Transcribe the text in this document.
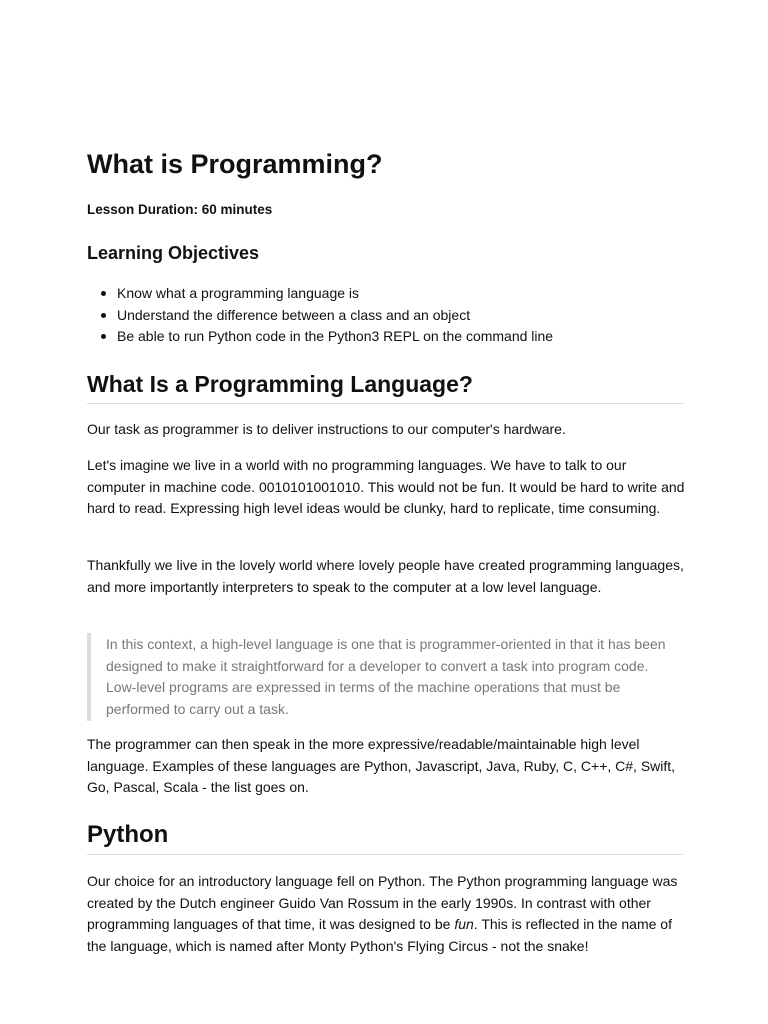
What is Programming?

Lesson Duration: 60 minutes

Learning Objectives
Know what a programming language is
Understand the difference between a class and an object
Be able to run Python code in the Python3 REPL on the command line
What Is a Programming Language?

Our task as programmer is to deliver instructions to our computer's hardware.

Let's imagine we live in a world with no programming languages. We have to talk to our computer in machine code. 0010101001010. This would not be fun. It would be hard to write and hard to read. Expressing high level ideas would be clunky, hard to replicate, time consuming.

Thankfully we live in the lovely world where lovely people have created programming languages, and more importantly interpreters to speak to the computer at a low level language.

In this context, a high-level language is one that is programmer-oriented in that it has been designed to make it straightforward for a developer to convert a task into program code. Low-level programs are expressed in terms of the machine operations that must be performed to carry out a task.

The programmer can then speak in the more expressive/readable/maintainable high level language. Examples of these languages are Python, Javascript, Java, Ruby, C, C++, C#, Swift, Go, Pascal, Scala - the list goes on.

Python

Our choice for an introductory language fell on Python. The Python programming language was created by the Dutch engineer Guido Van Rossum in the early 1990s. In contrast with other programming languages of that time, it was designed to be fun. This is reflected in the name of the language, which is named after Monty Python's Flying Circus - not the snake!
